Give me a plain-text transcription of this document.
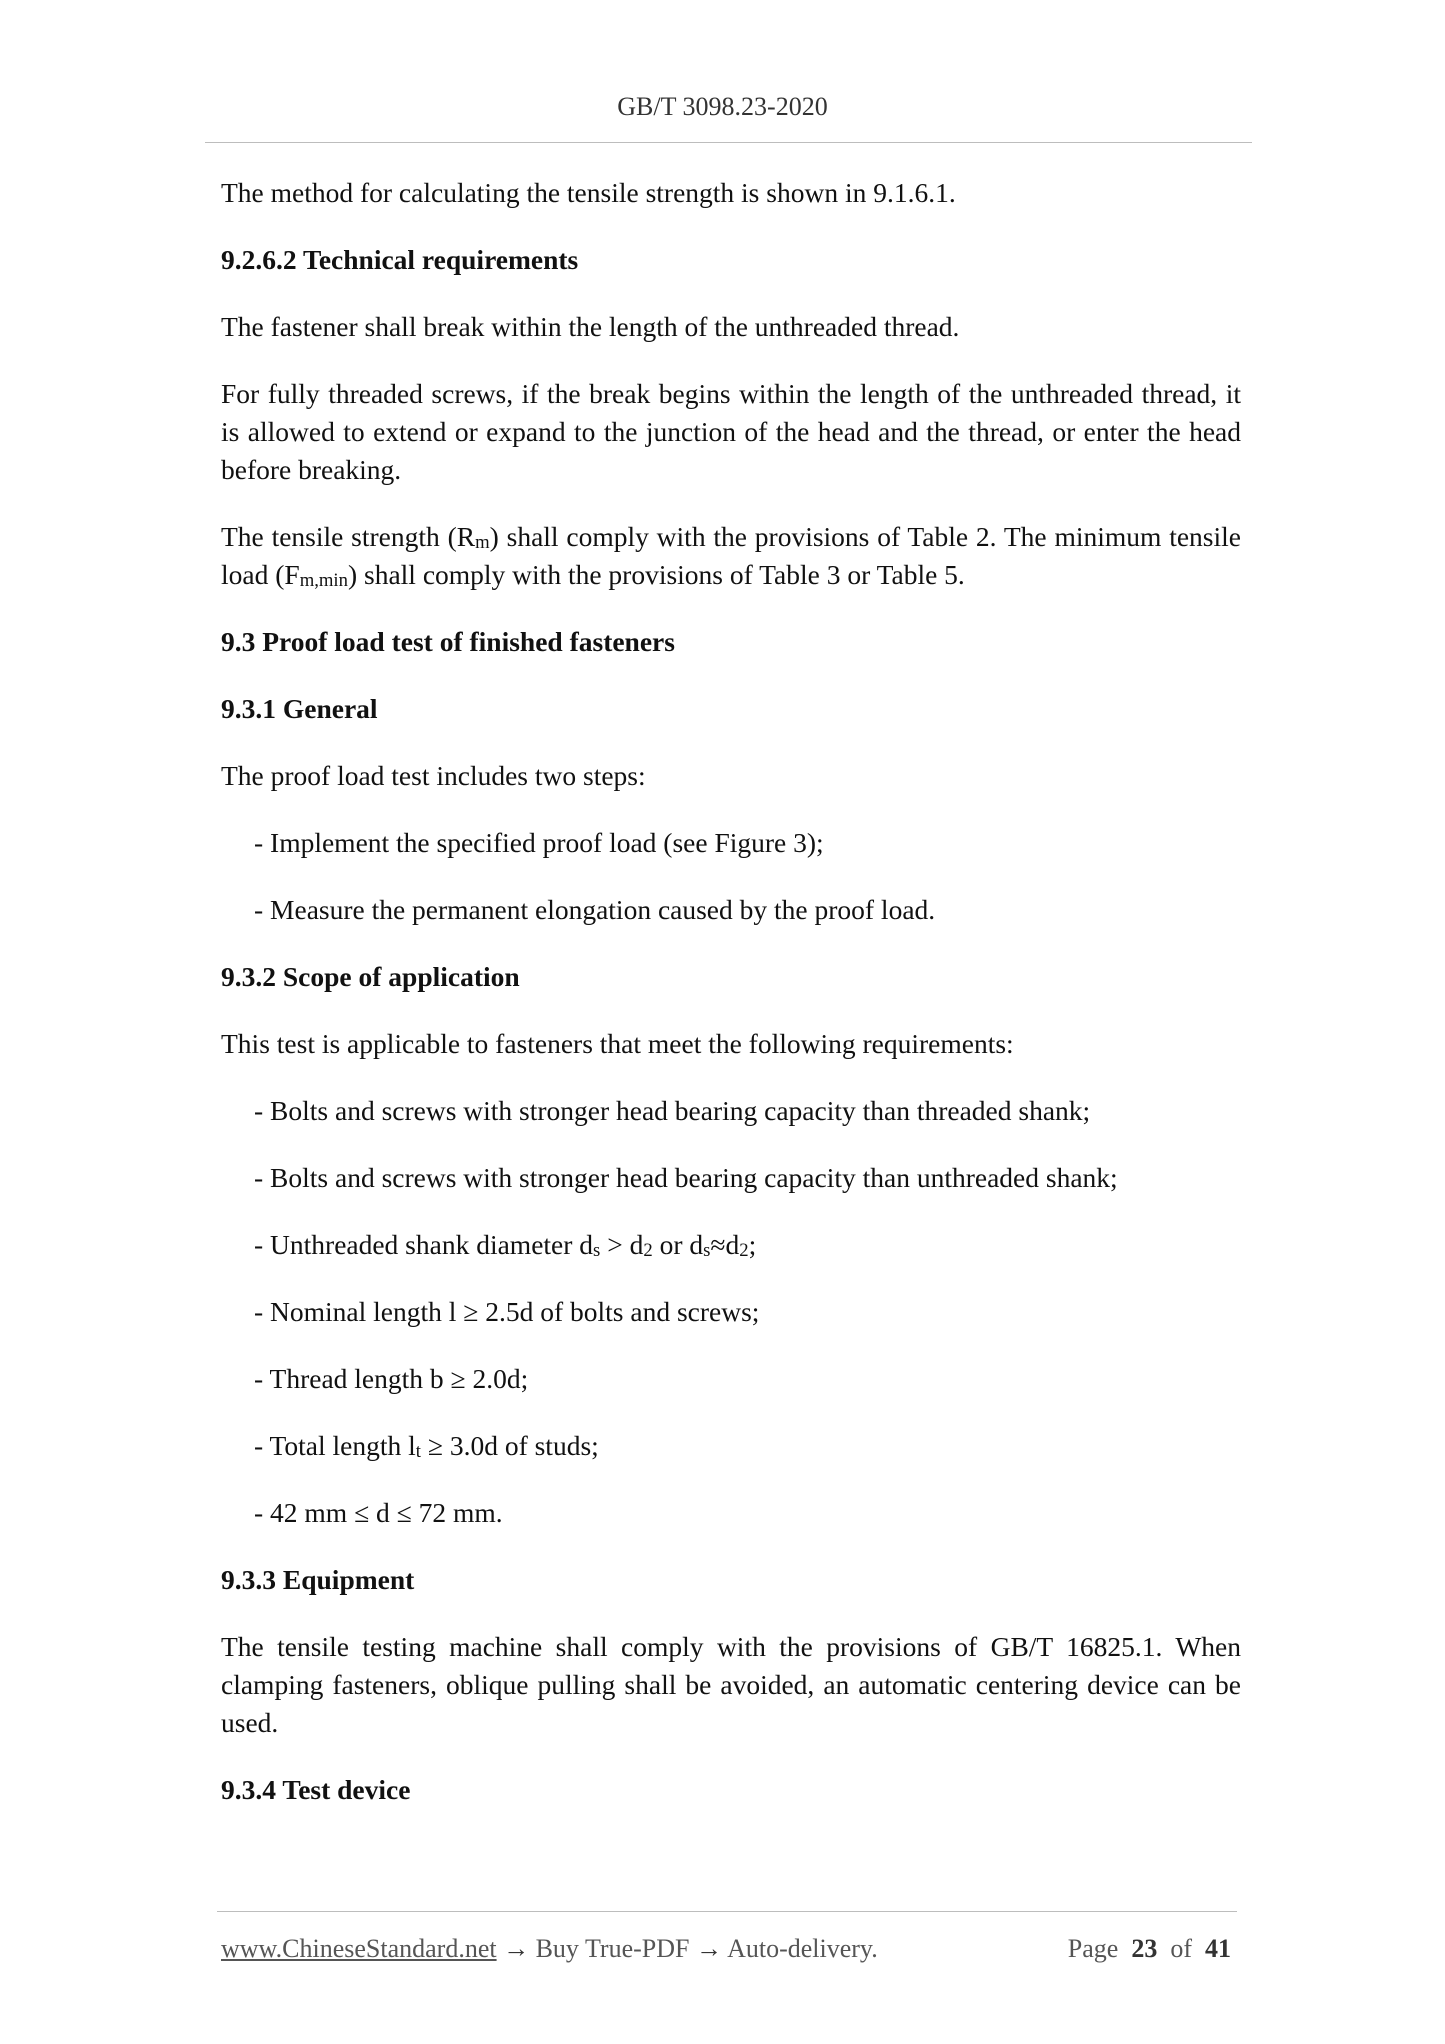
GB/T 3098.23-2020

The method for calculating the tensile strength is shown in 9.1.6.1.

9.2.6.2 Technical requirements

The fastener shall break within the length of the unthreaded thread.

For fully threaded screws, if the break begins within the length of the unthreaded thread, it is allowed to extend or expand to the junction of the head and the thread, or enter the head before breaking.

The tensile strength $(R_m)$ shall comply with the provisions of Table 2. The minimum tensile load $(F_{m,min})$ shall comply with the provisions of Table 3 or Table 5.

9.3 Proof load test of finished fasteners
9.3.1 General

The proof load test includes two steps:

- Implement the specified proof load (see Figure 3);
- Measure the permanent elongation caused by the proof load.
9.3.2 Scope of application

This test is applicable to fasteners that meet the following requirements:

- Bolts and screws with stronger head bearing capacity than threaded shank;
- Bolts and screws with stronger head bearing capacity than unthreaded shank;
- Unthreaded shank diameter $d_s > d_2$ or $d_s\approx d_2$;
- Nominal length l ≥ 2.5d of bolts and screws;
- Thread length b ≥ 2.0d;
- Total length $l_t \ge 3.0d$ of studs;
- 42 mm ≤ d ≤ 72 mm.
9.3.3 Equipment

The tensile testing machine shall comply with the provisions of GB/T 16825.1. When clamping fasteners, oblique pulling shall be avoided, an automatic centering device can be used.

9.3.4 Test device
www.ChineseStandard.net → Buy True-PDF → Auto-delivery.	Page 23 of 41
